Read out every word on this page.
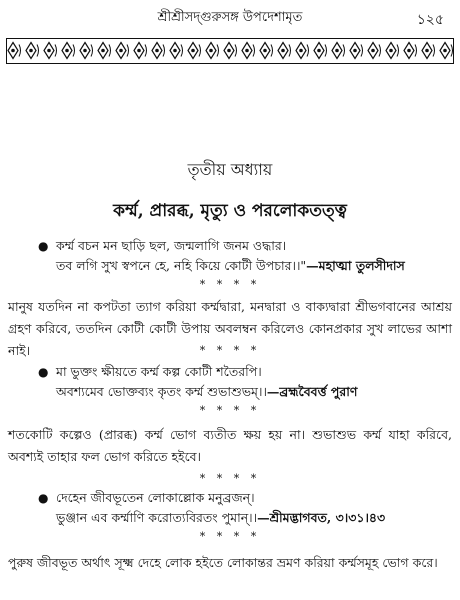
শ্রীশ্রীসদ্গুরুসঙ্গ উপদেশামৃত	১২৫
তৃতীয় অধ্যায়
কর্ম্ম, প্রারব্ধ, মৃত্যু ও পরলোকতত্ত্ব
● কর্ম্ম বচন মন ছাড়ি ছল, জন্মলাগি জনম ওদ্ধার।
তব লগি সুখ স্বপনে হে, নহি কিয়ে কোটী উপচার।।"—মহাত্মা তুলসীদাস
* * * *
মানুষ যতদিন না কপটতা ত্যাগ করিয়া কর্ম্মদ্বারা, মনদ্বারা ও বাক্যদ্বারা শ্রীভগবানের আশ্রয় গ্রহণ করিবে, ততদিন কোটী কোটী উপায় অবলম্বন করিলেও কোনপ্রকার সুখ লাভের আশা নাই।	* * * *
● মা ভুক্তং ক্ষীয়তে কর্ম্ম কল্প কোটী শতৈরপি।
অবশ্যমেব ভোক্তব্যং কৃতং কর্ম্ম শুভাশুভম্।।—ব্রহ্মবৈবর্ত্ত পুরাণ
* * * *
শতকোটি কল্পেও (প্রারব্ধ) কর্ম্ম ভোগ ব্যতীত ক্ষয় হয় না। শুভাশুভ কর্ম্ম যাহা করিবে, অবশ্যই তাহার ফল ভোগ করিতে হইবে।
* * * *
● দেহেন জীবভূতেন লোকাল্লোক মনুব্রজন্।
ভুঞ্জান এব কর্ম্মাণি করোত্যবিরতং পুমান্।।—শ্রীমদ্ভাগবত, ৩।৩১।৪৩
* * * *
পুরুষ জীবভূত অর্থাৎ সূক্ষ্ম দেহে লোক হইতে লোকান্তর ভ্রমণ করিয়া কর্ম্মসমূহ ভোগ করে।
